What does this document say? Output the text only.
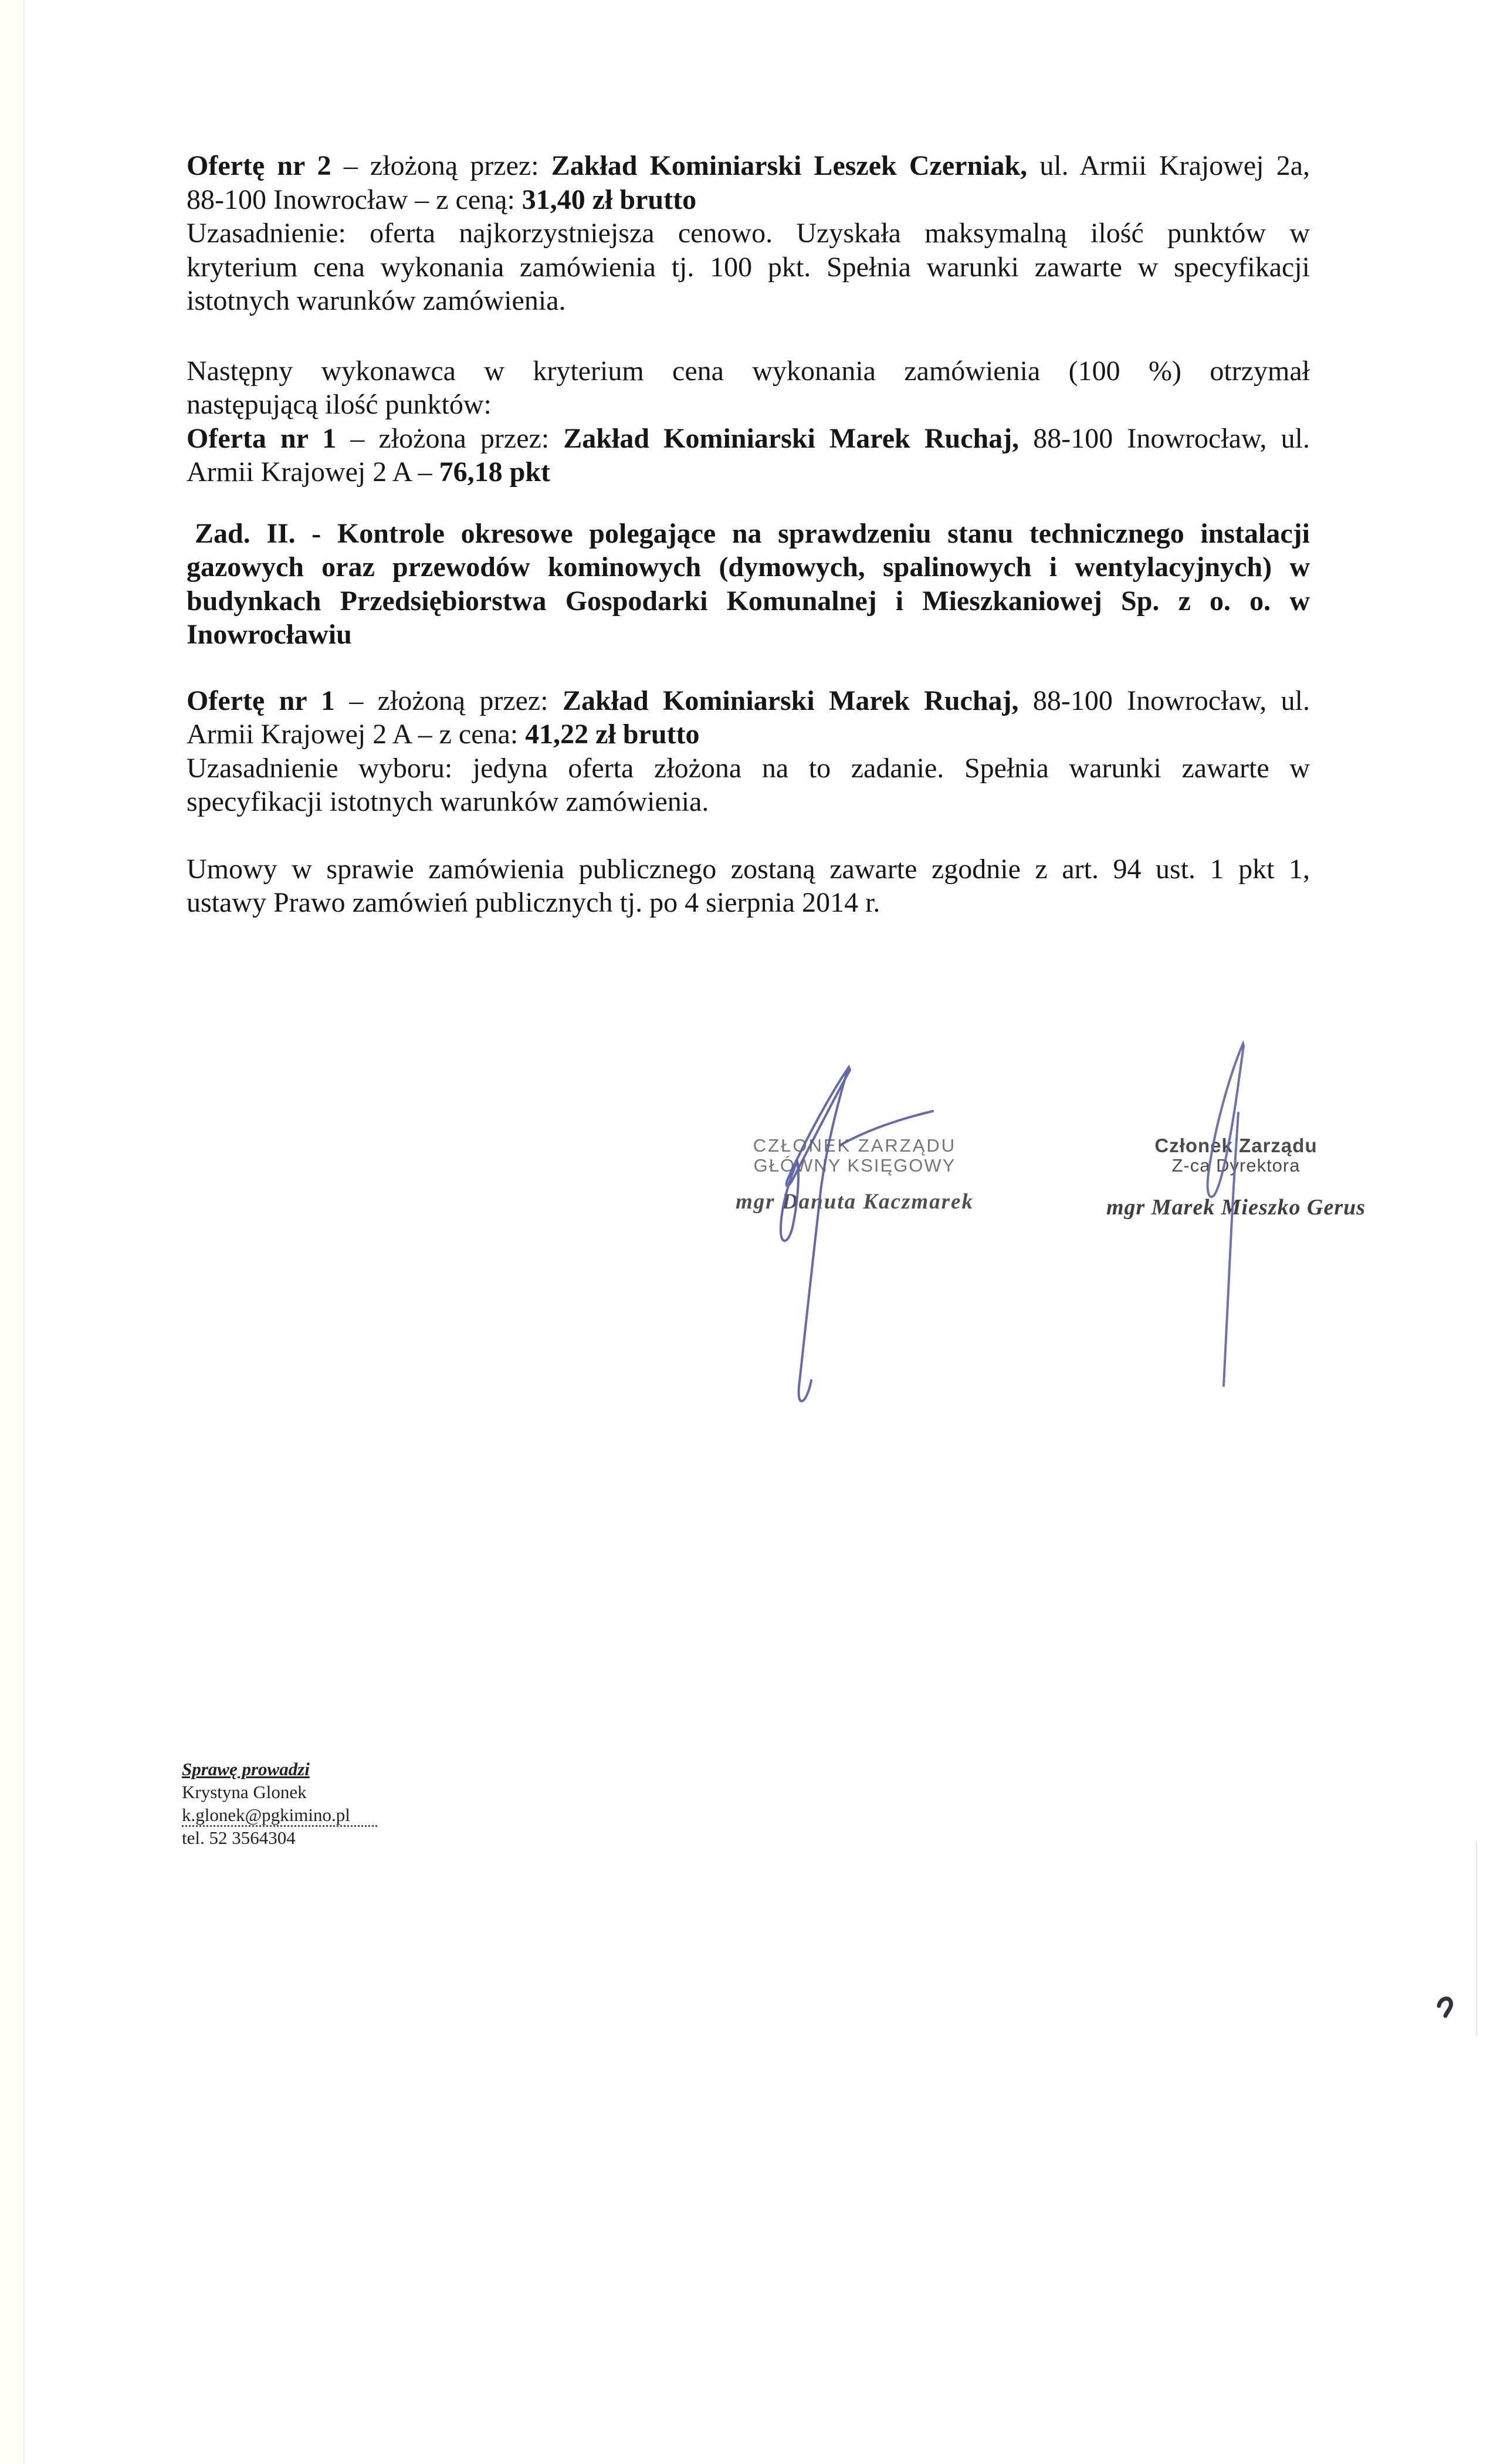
Ofertę nr 2 – złożoną przez: Zakład Kominiarski Leszek Czerniak, ul. Armii Krajowej 2a,
88-100 Inowrocław – z ceną: 31,40 zł brutto
Uzasadnienie: oferta najkorzystniejsza cenowo. Uzyskała maksymalną ilość punktów w
kryterium cena wykonania zamówienia tj. 100 pkt. Spełnia warunki zawarte w specyfikacji
istotnych warunków zamówienia.
Następny wykonawca w kryterium cena wykonania zamówienia (100 %) otrzymał
następującą ilość punktów:
Oferta nr 1 – złożona przez: Zakład Kominiarski Marek Ruchaj, 88-100 Inowrocław, ul.
Armii Krajowej 2 A – 76,18 pkt
Zad. II. - Kontrole okresowe polegające na sprawdzeniu stanu technicznego instalacji
gazowych oraz przewodów kominowych (dymowych, spalinowych i wentylacyjnych) w
budynkach Przedsiębiorstwa Gospodarki Komunalnej i Mieszkaniowej Sp. z o. o. w
Inowrocławiu
Ofertę nr 1 – złożoną przez: Zakład Kominiarski Marek Ruchaj, 88-100 Inowrocław, ul.
Armii Krajowej 2 A – z cena: 41,22 zł brutto
Uzasadnienie wyboru: jedyna oferta złożona na to zadanie. Spełnia warunki zawarte w
specyfikacji istotnych warunków zamówienia.
Umowy w sprawie zamówienia publicznego zostaną zawarte zgodnie z art. 94 ust. 1 pkt 1,
ustawy Prawo zamówień publicznych tj. po 4 sierpnia 2014 r.
CZŁONEK ZARZĄDU
GŁÓWNY KSIĘGOWY
mgr Danuta Kaczmarek
Członek Zarządu
Z-ca Dyrektora
mgr Marek Mieszko Gerus
Sprawę prowadzi
Krystyna Glonek
k.glonek@pgkimino.pl
tel. 52 3564304
